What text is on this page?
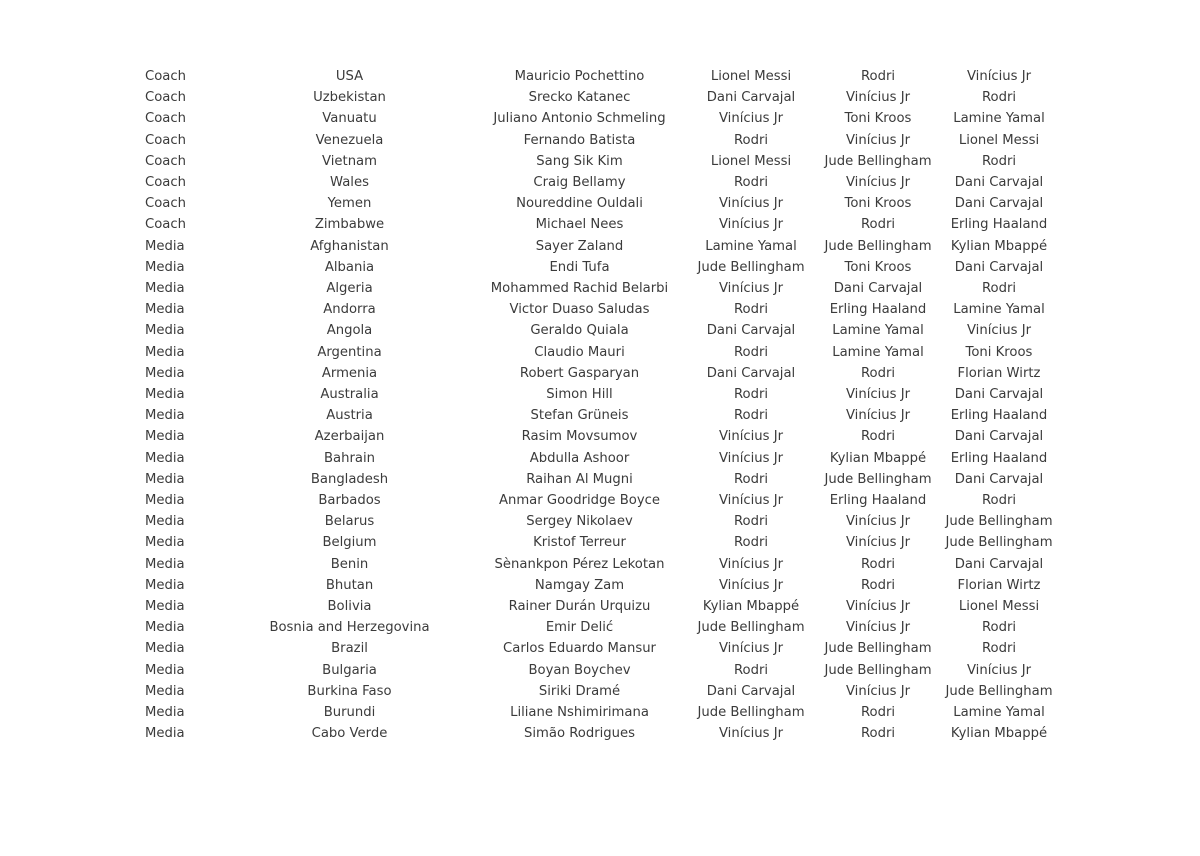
Coach	USA	Mauricio Pochettino	Lionel Messi	Rodri	Vinícius Jr
Coach	Uzbekistan	Srecko Katanec	Dani Carvajal	Vinícius Jr	Rodri
Coach	Vanuatu	Juliano Antonio Schmeling	Vinícius Jr	Toni Kroos	Lamine Yamal
Coach	Venezuela	Fernando Batista	Rodri	Vinícius Jr	Lionel Messi
Coach	Vietnam	Sang Sik Kim	Lionel Messi	Jude Bellingham	Rodri
Coach	Wales	Craig Bellamy	Rodri	Vinícius Jr	Dani Carvajal
Coach	Yemen	Noureddine Ouldali	Vinícius Jr	Toni Kroos	Dani Carvajal
Coach	Zimbabwe	Michael Nees	Vinícius Jr	Rodri	Erling Haaland
Media	Afghanistan	Sayer Zaland	Lamine Yamal	Jude Bellingham	Kylian Mbappé
Media	Albania	Endi Tufa	Jude Bellingham	Toni Kroos	Dani Carvajal
Media	Algeria	Mohammed Rachid Belarbi	Vinícius Jr	Dani Carvajal	Rodri
Media	Andorra	Victor Duaso Saludas	Rodri	Erling Haaland	Lamine Yamal
Media	Angola	Geraldo Quiala	Dani Carvajal	Lamine Yamal	Vinícius Jr
Media	Argentina	Claudio Mauri	Rodri	Lamine Yamal	Toni Kroos
Media	Armenia	Robert Gasparyan	Dani Carvajal	Rodri	Florian Wirtz
Media	Australia	Simon Hill	Rodri	Vinícius Jr	Dani Carvajal
Media	Austria	Stefan Grüneis	Rodri	Vinícius Jr	Erling Haaland
Media	Azerbaijan	Rasim Movsumov	Vinícius Jr	Rodri	Dani Carvajal
Media	Bahrain	Abdulla Ashoor	Vinícius Jr	Kylian Mbappé	Erling Haaland
Media	Bangladesh	Raihan Al Mugni	Rodri	Jude Bellingham	Dani Carvajal
Media	Barbados	Anmar Goodridge Boyce	Vinícius Jr	Erling Haaland	Rodri
Media	Belarus	Sergey Nikolaev	Rodri	Vinícius Jr	Jude Bellingham
Media	Belgium	Kristof Terreur	Rodri	Vinícius Jr	Jude Bellingham
Media	Benin	Sènankpon Pérez Lekotan	Vinícius Jr	Rodri	Dani Carvajal
Media	Bhutan	Namgay Zam	Vinícius Jr	Rodri	Florian Wirtz
Media	Bolivia	Rainer Durán Urquizu	Kylian Mbappé	Vinícius Jr	Lionel Messi
Media	Bosnia and Herzegovina	Emir Delić	Jude Bellingham	Vinícius Jr	Rodri
Media	Brazil	Carlos Eduardo Mansur	Vinícius Jr	Jude Bellingham	Rodri
Media	Bulgaria	Boyan Boychev	Rodri	Jude Bellingham	Vinícius Jr
Media	Burkina Faso	Siriki Dramé	Dani Carvajal	Vinícius Jr	Jude Bellingham
Media	Burundi	Liliane Nshimirimana	Jude Bellingham	Rodri	Lamine Yamal
Media	Cabo Verde	Simão Rodrigues	Vinícius Jr	Rodri	Kylian Mbappé
